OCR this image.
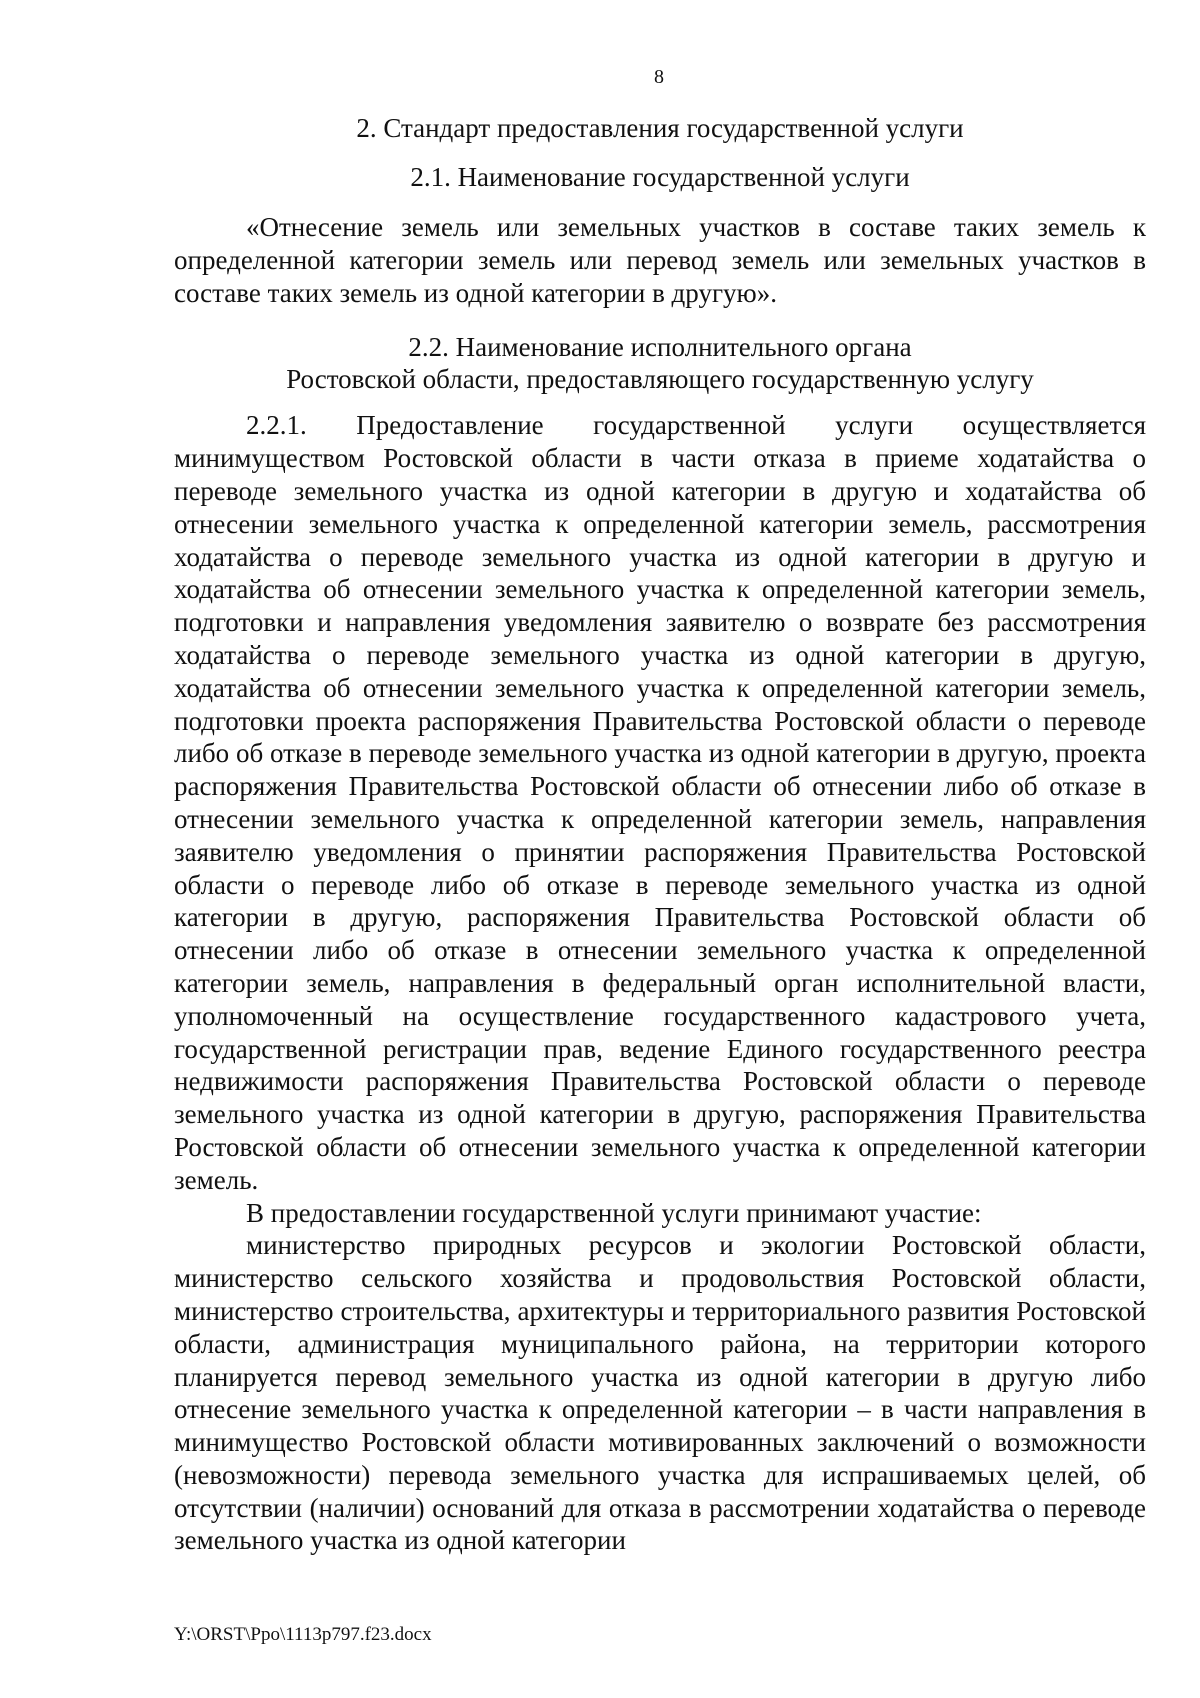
8
2. Стандарт предоставления государственной услуги
2.1. Наименование государственной услуги

«Отнесение земель или земельных участков в составе таких земель к определенной категории земель или перевод земель или земельных участков в составе таких земель из одной категории в другую».

2.2. Наименование исполнительного органа
Ростовской области, предоставляющего государственную услугу

2.2.1. Предоставление государственной услуги осуществляется минимуществом Ростовской области в части отказа в приеме ходатайства о переводе земельного участка из одной категории в другую и ходатайства об отнесении земельного участка к определенной категории земель, рассмотрения ходатайства о переводе земельного участка из одной категории в другую и ходатайства об отнесении земельного участка к определенной категории земель, подготовки и направления уведомления заявителю о возврате без рассмотрения ходатайства о переводе земельного участка из одной категории в другую, ходатайства об отнесении земельного участка к определенной категории земель, подготовки проекта распоряжения Правительства Ростовской области о переводе либо об отказе в переводе земельного участка из одной категории в другую, проекта распоряжения Правительства Ростовской области об отнесении либо об отказе в отнесении земельного участка к определенной категории земель, направления заявителю уведомления о принятии распоряжения Правительства Ростовской области о переводе либо об отказе в переводе земельного участка из одной категории в другую, распоряжения Правительства Ростовской области об отнесении либо об отказе в отнесении земельного участка к определенной категории земель, направления в федеральный орган исполнительной власти, уполномоченный на осуществление государственного кадастрового учета, государственной регистрации прав, ведение Единого государственного реестра недвижимости распоряжения Правительства Ростовской области о переводе земельного участка из одной категории в другую, распоряжения Правительства Ростовской области об отнесении земельного участка к определенной категории земель.

В предоставлении государственной услуги принимают участие:

министерство природных ресурсов и экологии Ростовской области, министерство сельского хозяйства и продовольствия Ростовской области, министерство строительства, архитектуры и территориального развития Ростовской области, администрация муниципального района, на территории которого планируется перевод земельного участка из одной категории в другую либо отнесение земельного участка к определенной категории – в части направления в минимущество Ростовской области мотивированных заключений о возможности (невозможности) перевода земельного участка для испрашиваемых целей, об отсутствии (наличии) оснований для отказа в рассмотрении ходатайства о переводе земельного участка из одной категории

Y:\ORST\Ppo\1113p797.f23.docx
